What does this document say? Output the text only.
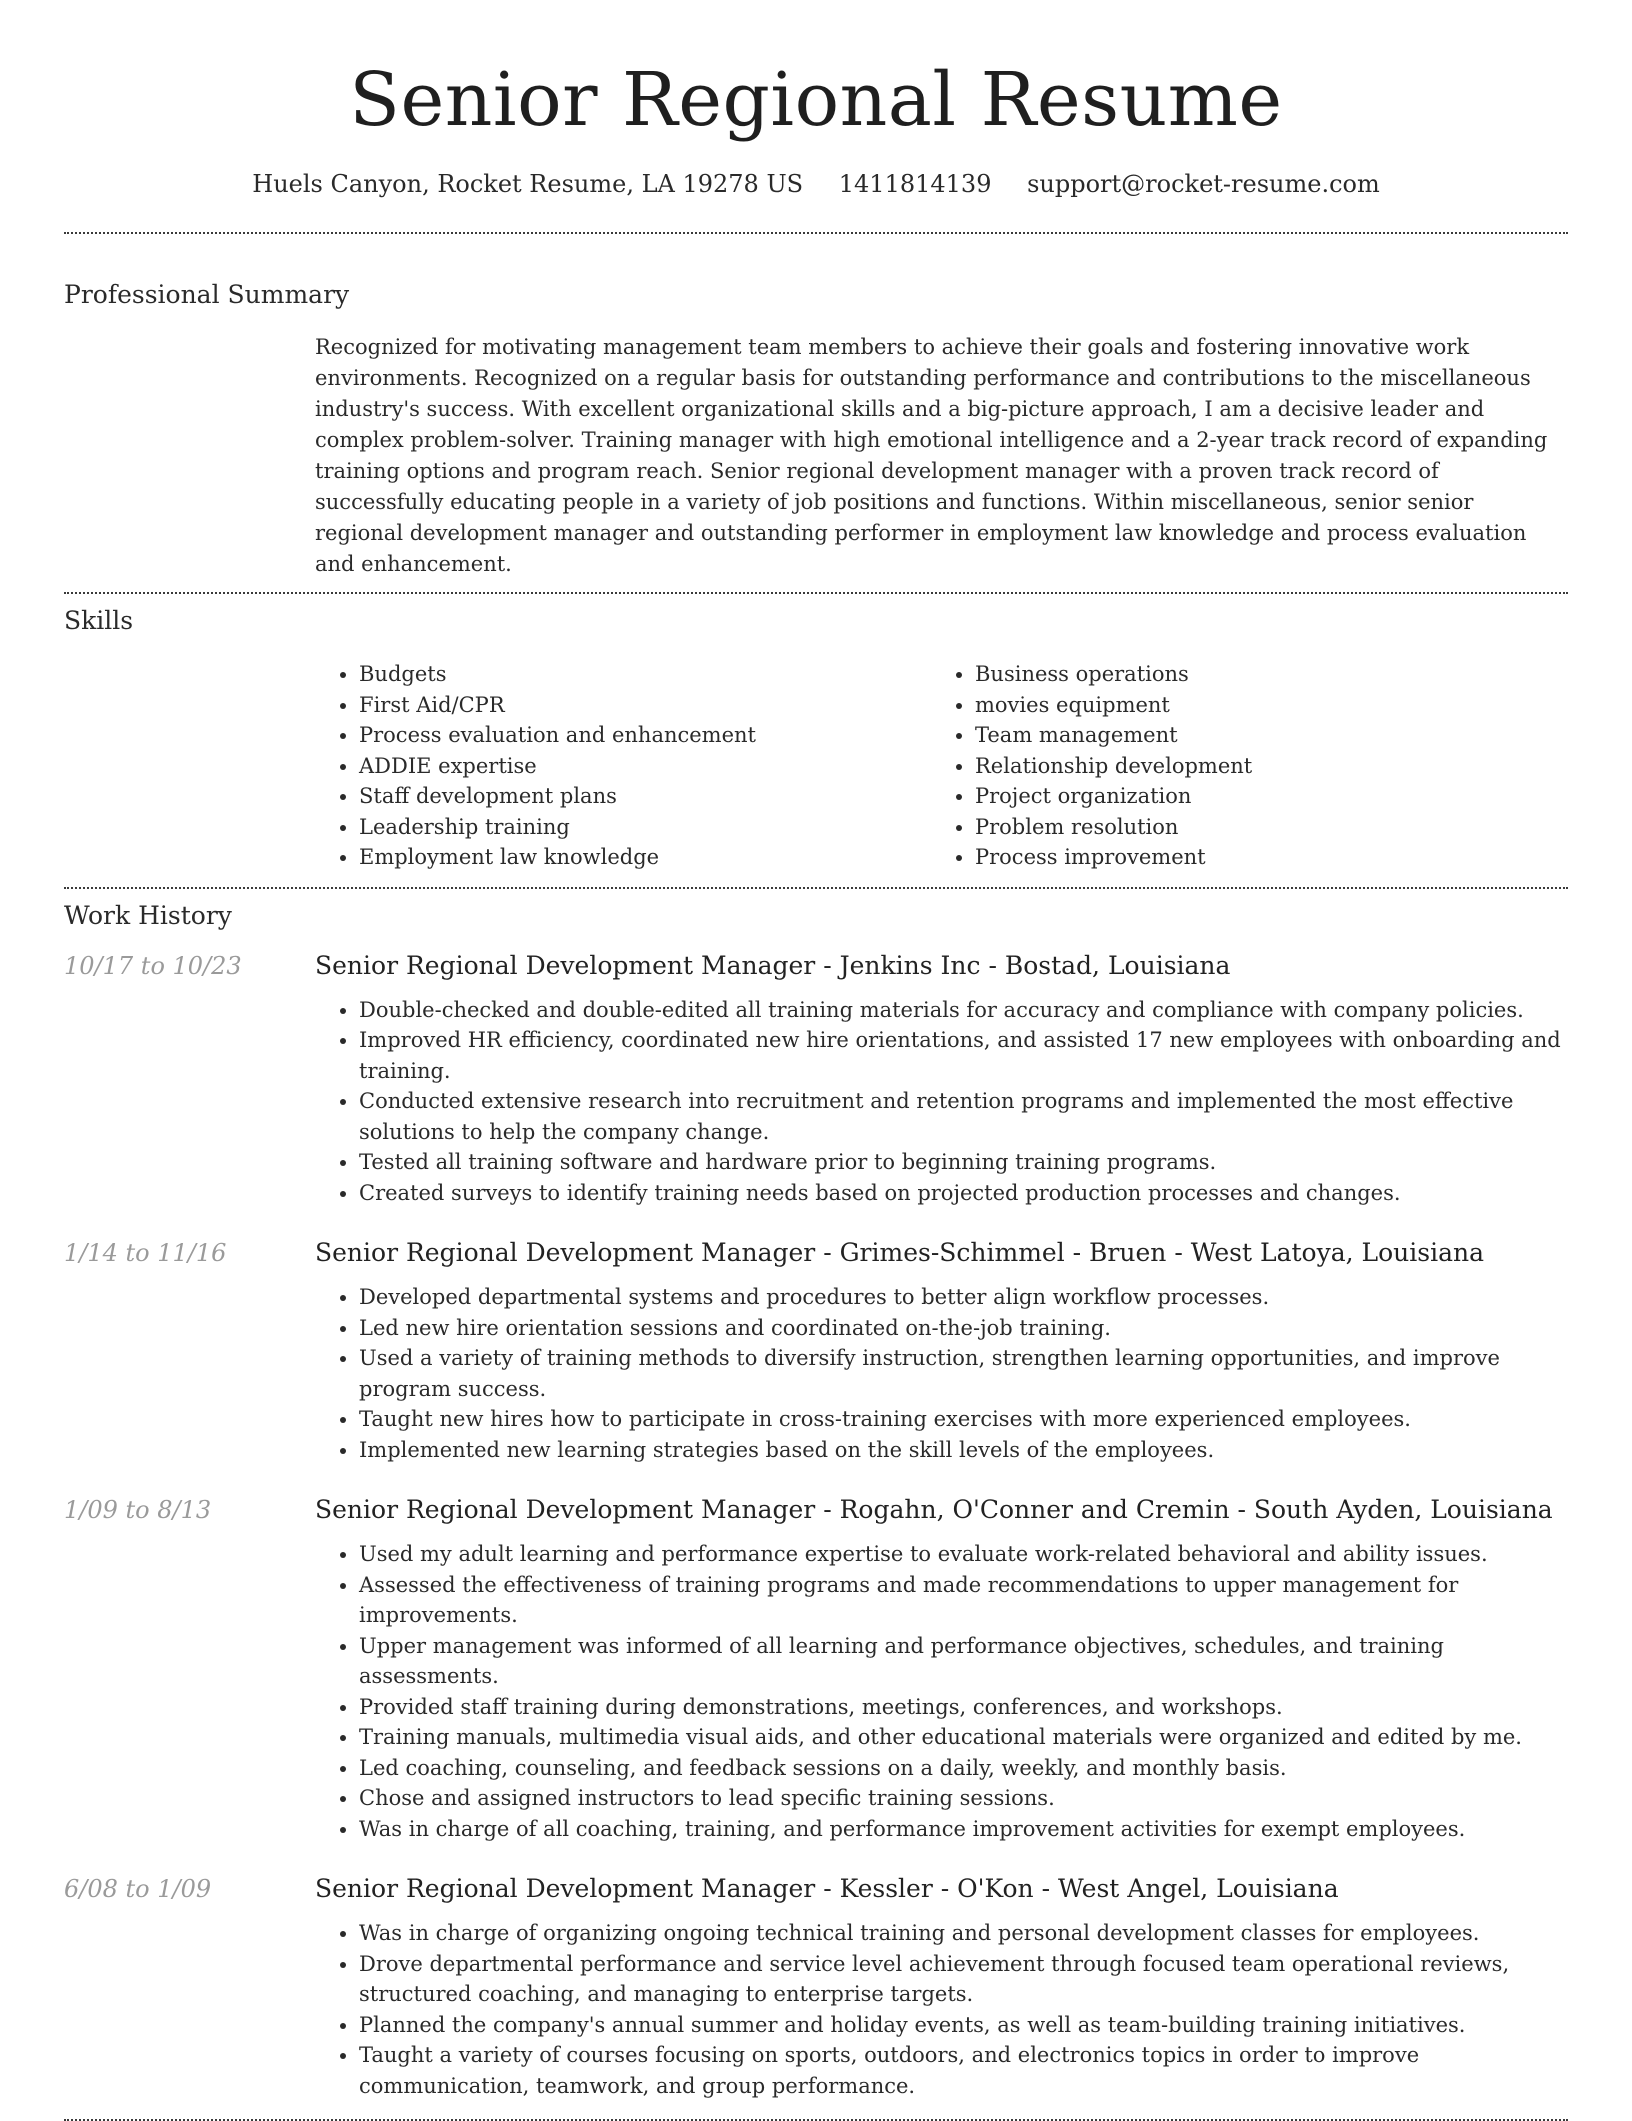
Senior Regional Resume
Huels Canyon, Rocket Resume, LA 19278 US 1411814139 support@rocket-resume.com
Professional Summary
Recognized for motivating management team members to achieve their goals and fostering innovative work environments. Recognized on a regular basis for outstanding performance and contributions to the miscellaneous industry's success. With excellent organizational skills and a big-picture approach, I am a decisive leader and complex problem-solver. Training manager with high emotional intelligence and a 2-year track record of expanding training options and program reach. Senior regional development manager with a proven track record of successfully educating people in a variety of job positions and functions. Within miscellaneous, senior senior regional development manager and outstanding performer in employment law knowledge and process evaluation and enhancement.
Skills
• Budgets
• First Aid/CPR
• Process evaluation and enhancement
• ADDIE expertise
• Staff development plans
• Leadership training
• Employment law knowledge
• Business operations
• movies equipment
• Team management
• Relationship development
• Project organization
• Problem resolution
• Process improvement
Work History
10/17 to 10/23	Senior Regional Development Manager - Jenkins Inc - Bostad, Louisiana
• Double-checked and double-edited all training materials for accuracy and compliance with company policies.
• Improved HR efficiency, coordinated new hire orientations, and assisted 17 new employees with onboarding and training.
• Conducted extensive research into recruitment and retention programs and implemented the most effective solutions to help the company change.
• Tested all training software and hardware prior to beginning training programs.
• Created surveys to identify training needs based on projected production processes and changes.
1/14 to 11/16	Senior Regional Development Manager - Grimes-Schimmel - Bruen - West Latoya, Louisiana
• Developed departmental systems and procedures to better align workflow processes.
• Led new hire orientation sessions and coordinated on-the-job training.
• Used a variety of training methods to diversify instruction, strengthen learning opportunities, and improve program success.
• Taught new hires how to participate in cross-training exercises with more experienced employees.
• Implemented new learning strategies based on the skill levels of the employees.
1/09 to 8/13	Senior Regional Development Manager - Rogahn, O'Conner and Cremin - South Ayden, Louisiana
• Used my adult learning and performance expertise to evaluate work-related behavioral and ability issues.
• Assessed the effectiveness of training programs and made recommendations to upper management for improvements.
• Upper management was informed of all learning and performance objectives, schedules, and training assessments.
• Provided staff training during demonstrations, meetings, conferences, and workshops.
• Training manuals, multimedia visual aids, and other educational materials were organized and edited by me.
• Led coaching, counseling, and feedback sessions on a daily, weekly, and monthly basis.
• Chose and assigned instructors to lead specific training sessions.
• Was in charge of all coaching, training, and performance improvement activities for exempt employees.
6/08 to 1/09	Senior Regional Development Manager - Kessler - O'Kon - West Angel, Louisiana
• Was in charge of organizing ongoing technical training and personal development classes for employees.
• Drove departmental performance and service level achievement through focused team operational reviews, structured coaching, and managing to enterprise targets.
• Planned the company's annual summer and holiday events, as well as team-building training initiatives.
• Taught a variety of courses focusing on sports, outdoors, and electronics topics in order to improve communication, teamwork, and group performance.
